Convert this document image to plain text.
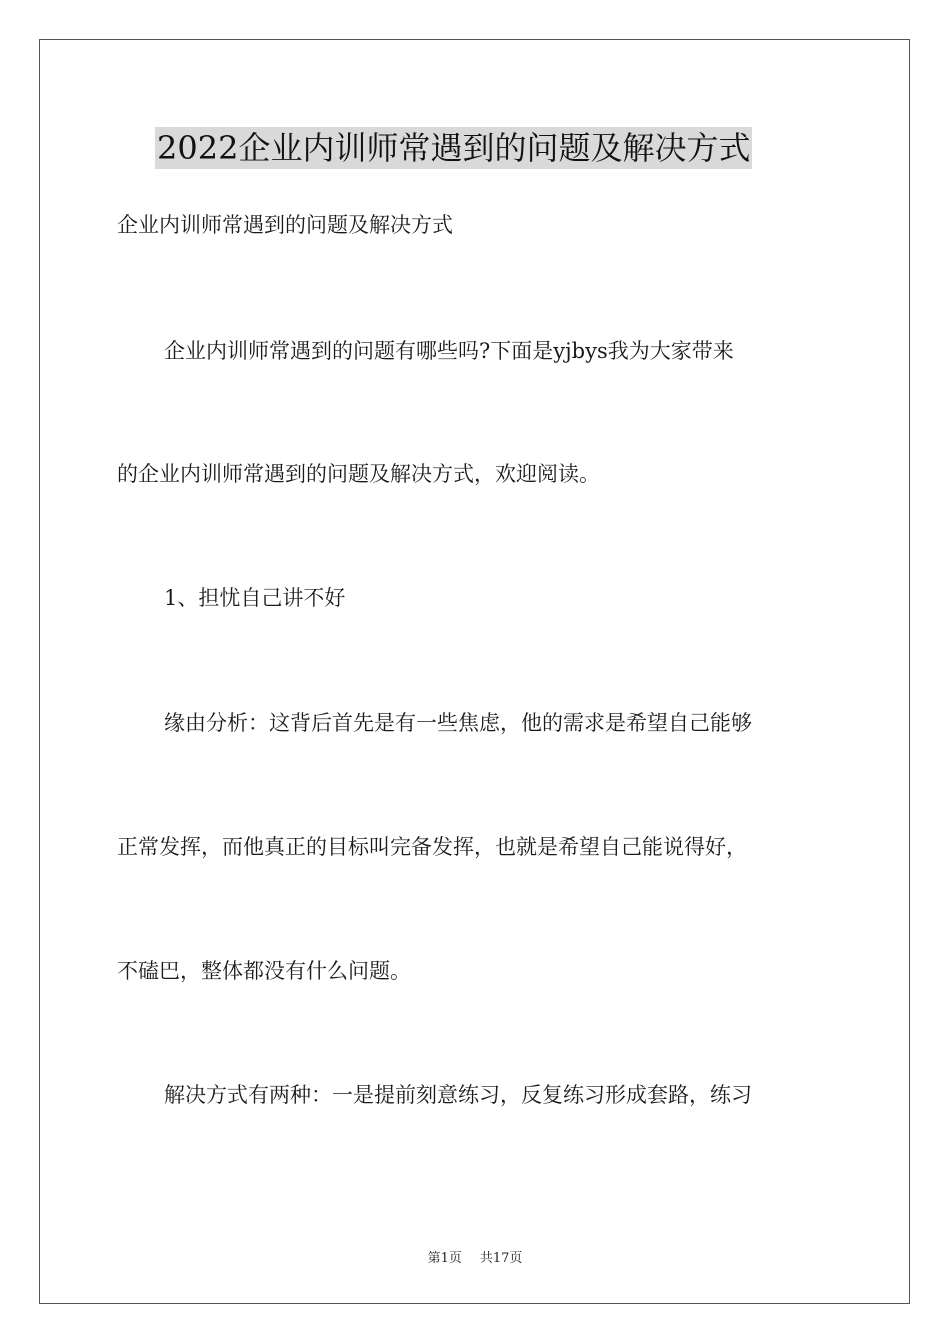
2022企业内训师常遇到的问题及解决方式
企业内训师常遇到的问题及解决方式
企业内训师常遇到的问题有哪些吗?下面是yjbys我为大家带来
的企业内训师常遇到的问题及解决方式，欢迎阅读。
1、担忧自己讲不好
缘由分析：这背后首先是有一些焦虑，他的需求是希望自己能够
正常发挥，而他真正的目标叫完备发挥，也就是希望自己能说得好，
不磕巴，整体都没有什么问题。
解决方式有两种：一是提前刻意练习，反复练习形成套路，练习
第1页 共17页
